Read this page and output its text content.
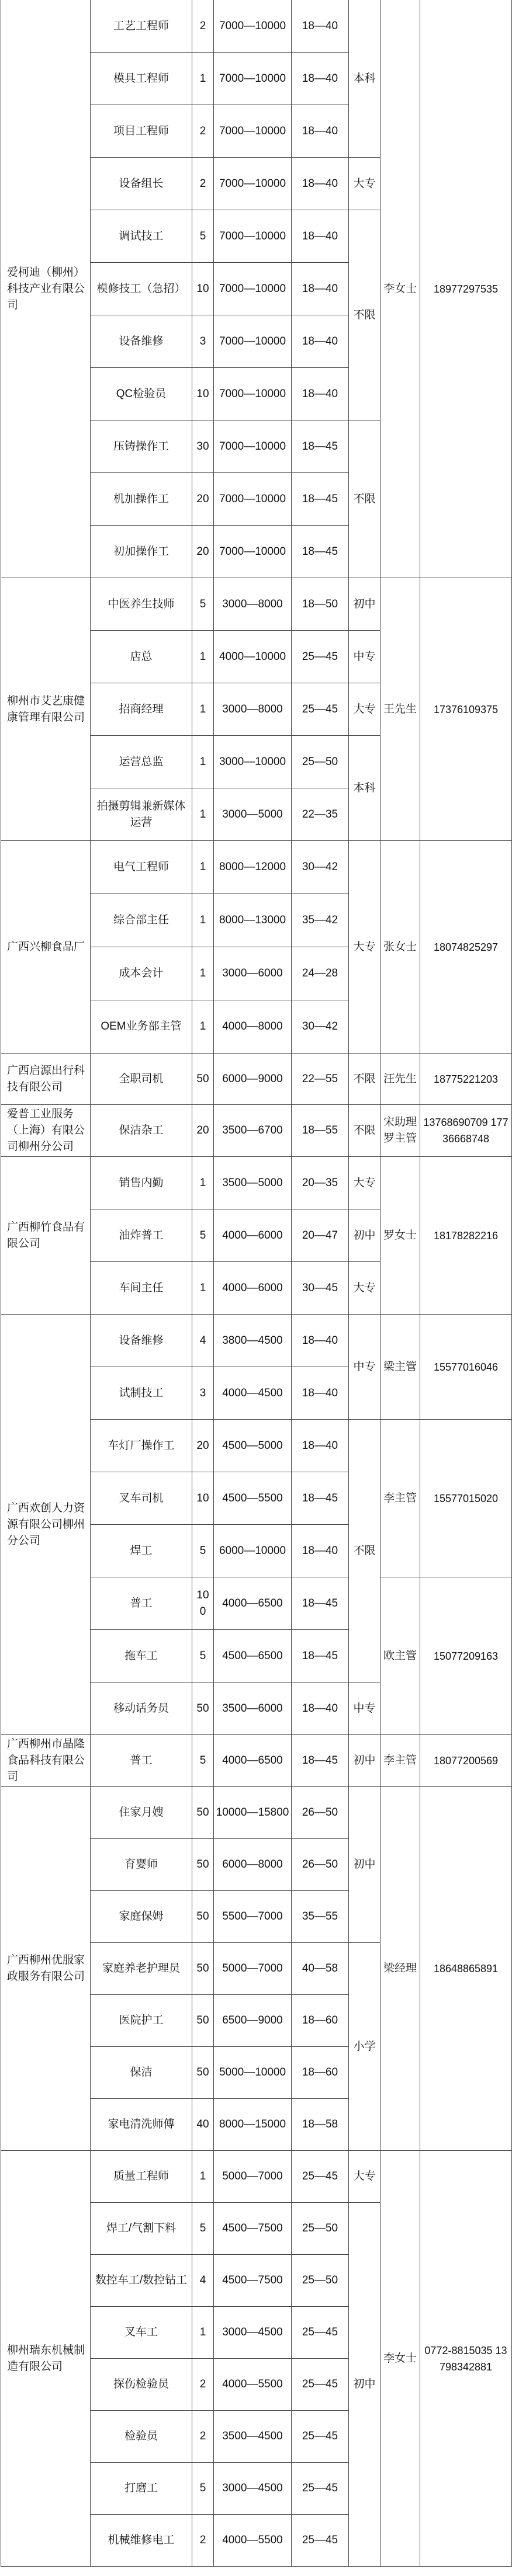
爱柯迪（柳州）科技产业有限公司	工艺工程师	2	7000—10000	18—40	本科	李女士	18977297535
	模具工程师	1	7000—10000	18—40			
	项目工程师	2	7000—10000	18—40			
	设备组长	2	7000—10000	18—40	大专		
	调试技工	5	7000—10000	18—40	不限		
	模修技工（急招）	10	7000—10000	18—40			
	设备维修	3	7000—10000	18—40			
	QC检验员	10	7000—10000	18—40			
	压铸操作工	30	7000—10000	18—45	不限		
	机加操作工	20	7000—10000	18—45			
	初加操作工	20	7000—10000	18—45			
柳州市艾艺康健康管理有限公司	中医养生技师	5	3000—8000	18—50	初中	王先生	17376109375
	店总	1	4000—10000	25—45	中专		
	招商经理	1	3000—8000	25—45	大专		
	运营总监	1	3000—10000	25—50	本科		
	拍摄剪辑兼新媒体运营	1	3000—5000	22—35			
广西兴柳食品厂	电气工程师	1	8000—12000	30—42	大专	张女士	18074825297
	综合部主任	1	8000—13000	35—42			
	成本会计	1	3000—6000	24—28			
	OEM业务部主管	1	4000—8000	30—42			
广西启源出行科技有限公司	全职司机	50	6000—9000	22—55	不限	汪先生	18775221203
爱普工业服务（上海）有限公司柳州分公司	保洁杂工	20	3500—6700	18—55	不限	宋助理 罗主管	13768690709 17736668748
广西柳竹食品有限公司	销售内勤	1	3500—5000	20—35	大专	罗女士	18178282216
	油炸普工	5	4000—6000	20—47	初中		
	车间主任	1	4000—6000	30—45	大专		
广西欢创人力资源有限公司柳州分公司	设备维修	4	3800—4500	18—40	中专	梁主管	15577016046
	试制技工	3	4000—4500	18—40			
	车灯厂操作工	20	4500—5000	18—40	不限	李主管	15577015020
	叉车司机	10	4500—5500	18—45			
	焊工	5	6000—10000	18—40			
	普工	100	4000—6500	18—45		欧主管	15077209163
	拖车工	5	4500—6500	18—45			
	移动话务员	50	3500—6000	18—40	中专		
广西柳州市晶隆食品科技有限公司	普工	5	4000—6500	18—45	初中	李主管	18077200569
广西柳州优服家政服务有限公司	住家月嫂	50	10000—15800	26—50	初中	梁经理	18648865891
	育婴师	50	6000—8000	26—50			
	家庭保姆	50	5500—7000	35—55			
	家庭养老护理员	50	5000—7000	40—58	小学		
	医院护工	50	6500—9000	18—60			
	保洁	50	5000—10000	18—60			
	家电清洗师傅	40	8000—15000	18—58			
柳州瑞东机械制造有限公司	质量工程师	1	5000—7000	25—45	大专	李女士	0772-8815035 13798342881
	焊工/气割下料	5	4500—7500	25—50	初中		
	数控车工/数控钻工	4	4500—7500	25—50			
	叉车工	1	3000—4500	25—45			
	探伤检验员	2	4000—5500	25—45			
	检验员	2	3500—4500	25—45			
	打磨工	5	3000—4500	25—45			
	机械维修电工	2	4000—5500	25—45			
